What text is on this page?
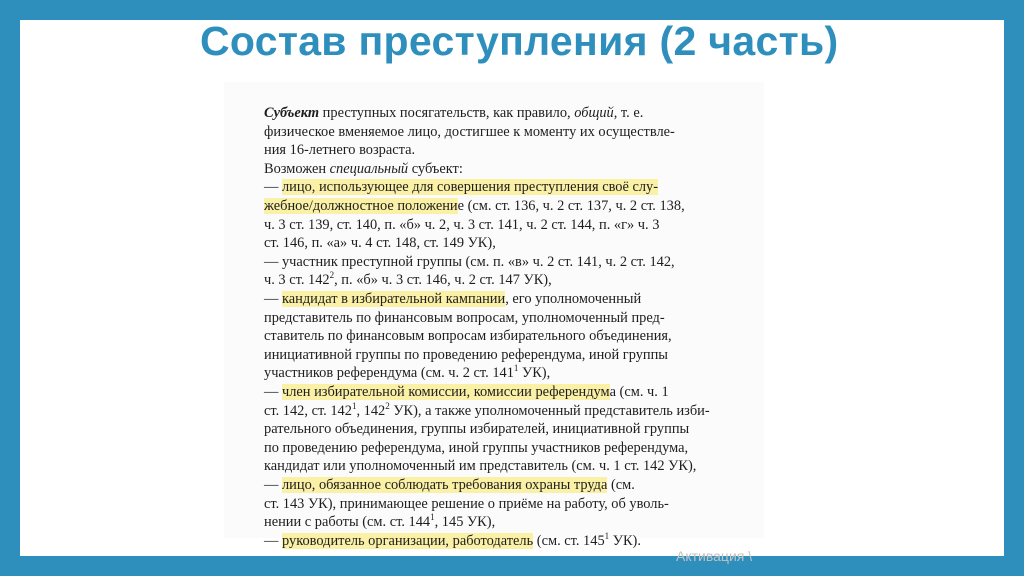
Состав преступления (2 часть)
Субъект преступных посягательств, как правило, общий, т. е.
физическое вменяемое лицо, достигшее к моменту их осуществле-
ния 16-летнего возраста.
Возможен специальный субъект:
— лицо, использующее для совершения преступления своё слу-
жебное/должностное положение (см. ст. 136, ч. 2 ст. 137, ч. 2 ст. 138,
ч. 3 ст. 139, ст. 140, п. «б» ч. 2, ч. 3 ст. 141, ч. 2 ст. 144, п. «г» ч. 3
ст. 146, п. «а» ч. 4 ст. 148, ст. 149 УК),
— участник преступной группы (см. п. «в» ч. 2 ст. 141, ч. 2 ст. 142,
ч. 3 ст. $142^2$, п. «б» ч. 3 ст. 146, ч. 2 ст. 147 УК),
— кандидат в избирательной кампании, его уполномоченный
представитель по финансовым вопросам, уполномоченный пред-
ставитель по финансовым вопросам избирательного объединения,
инициативной группы по проведению референдума, иной группы
участников референдума (см. ч. 2 ст. $141^1$ УК),
— член избирательной комиссии, комиссии референдума (см. ч. 1
ст. 142, ст. $142^1$, $142^2$ УК), а также уполномоченный представитель изби-
рательного объединения, группы избирателей, инициативной группы
по проведению референдума, иной группы участников референдума,
кандидат или уполномоченный им представитель (см. ч. 1 ст. 142 УК),
— лицо, обязанное соблюдать требования охраны труда (см.
ст. 143 УК), принимающее решение о приёме на работу, об уволь-
нении с работы (см. ст. $144^1$, 145 УК),
— руководитель организации, работодатель (см. ст. $145^1$ УК).
Активация \
